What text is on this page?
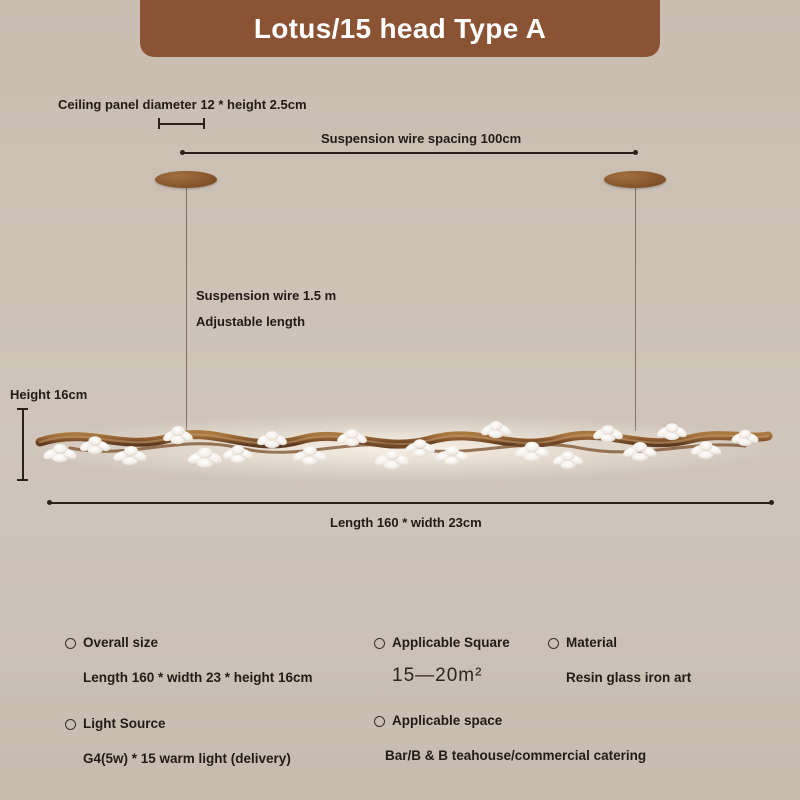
Lotus/15 head Type A
Ceiling panel diameter 12 * height 2.5cm
Suspension wire spacing 100cm
Suspension wire 1.5 m
Adjustable length
Height 16cm
Length 160 * width 23cm
Overall size
Length 160 * width 23 * height 16cm
Light Source
G4(5w) * 15 warm light (delivery)
Applicable Square
15—20m²
Applicable space
Bar/B & B teahouse/commercial catering
Material
Resin glass iron art
